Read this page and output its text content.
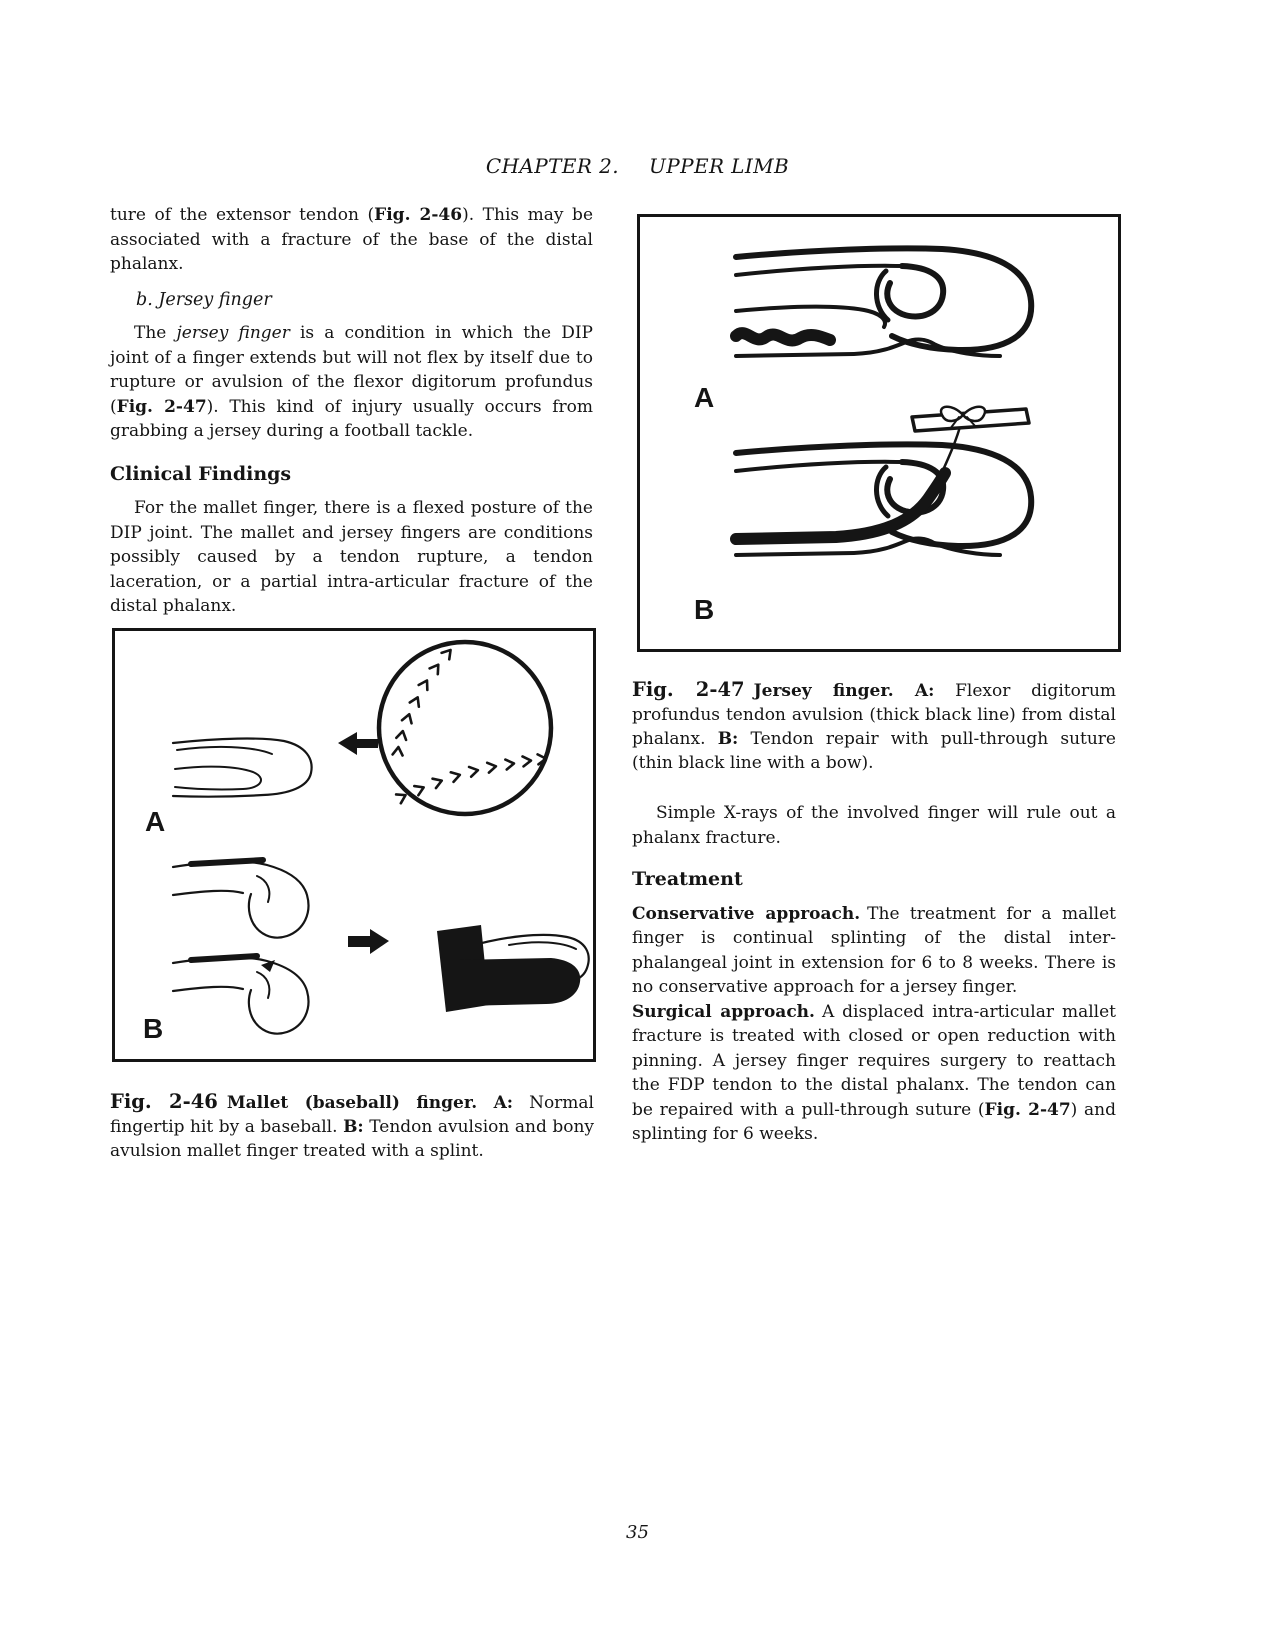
CHAPTER 2. UPPER LIMB

ture of the extensor tendon (Fig. 2-46). This may be associated with a fracture of the base of the distal phalanx.

b. Jersey finger

The jersey finger is a condition in which the DIP joint of a finger extends but will not flex by itself due to rupture or avulsion of the flexor digitorum profundus (Fig. 2-47). This kind of injury usually occurs from grabbing a jersey during a football tackle.

Clinical Findings

For the mallet finger, there is a flexed posture of the DIP joint. The mallet and jersey fingers are conditions possibly caused by a tendon rupture, a tendon laceration, or a partial intra-articular fracture of the distal phalanx.

A
B
Fig. 2-46 Mallet (baseball) finger. A: Normal fingertip hit by a baseball. B: Tendon avulsion and bony avulsion mallet finger treated with a splint.
A
B
Fig. 2-47 Jersey finger. A: Flexor digitorum profundus tendon avulsion (thick black line) from distal phalanx. B: Tendon repair with pull-through suture (thin black line with a bow).

Simple X-rays of the involved finger will rule out a phalanx fracture.

Treatment

Conservative approach. The treatment for a mallet finger is continual splinting of the distal inter-phalangeal joint in extension for 6 to 8 weeks. There is no conservative approach for a jersey finger.

Surgical approach. A displaced intra-articular mallet fracture is treated with closed or open reduction with pinning. A jersey finger requires surgery to reattach the FDP tendon to the distal phalanx. The tendon can be repaired with a pull-through suture (Fig. 2-47) and splinting for 6 weeks.

35
